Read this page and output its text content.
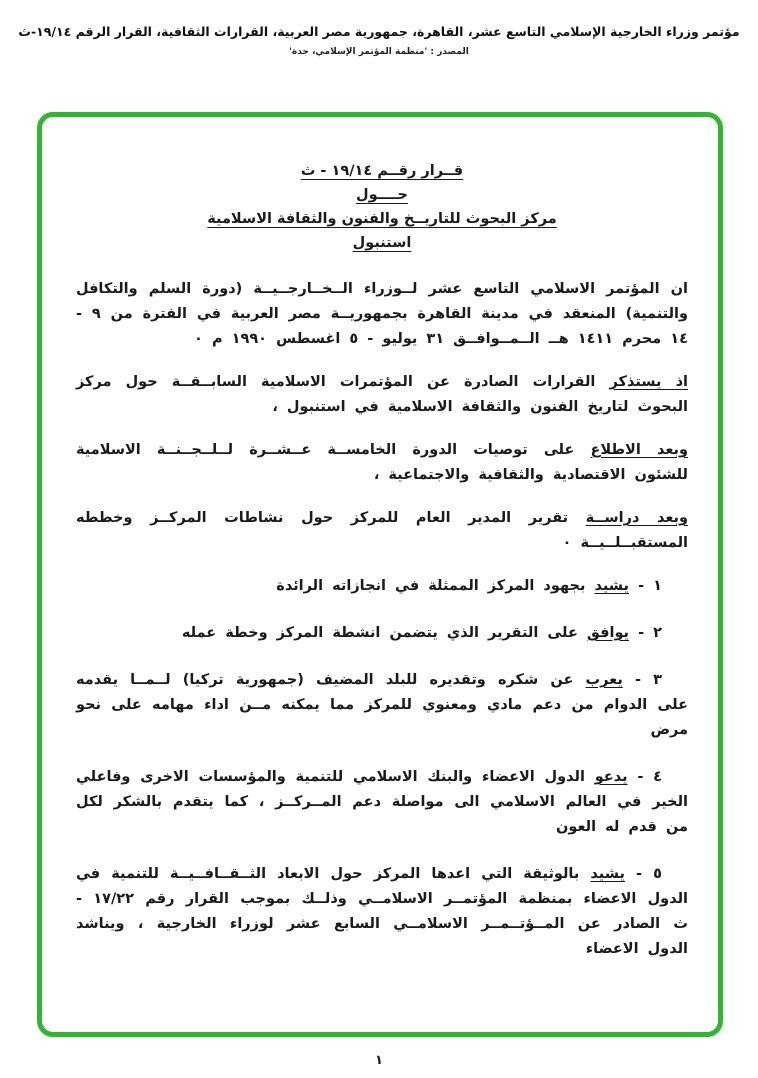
مؤتمر وزراء الخارجية الإسلامي التاسع عشر، القاهرة، جمهورية مصر العربية، القرارات الثقافية، القرار الرقم ١٩/١٤-ث
المصدر : 'منظمة المؤتمر الإسلامي، جدة'
قــرار رقــم ١٩/١٤ - ث
حــــول
مركز البحوث للتاريــخ والفنون والثقافة الاسلامية
استنبول

ان المؤتمر الاسلامي التاسع عشر لــوزراء الــخــارجــيــة (دورة السلم والتكافل والتنمية) المنعقد في مدينة القاهرة بجمهوريــة مصر العربية في الفترة من ٩ - ١٤ محرم ١٤١١ هــ الــمــوافــق ٣١ يوليو - ٥ اغسطس ١٩٩٠ م ٠

اذ يستذكر القرارات الصادرة عن المؤتمرات الاسلامية السابــقــة حول مركز البحوث لتاريخ الفنون والثقافة الاسلامية في استنبول ،

وبعد الاطلاع على توصيات الدورة الخامســة عــشــرة لــلــجــنــة الاسلامية للشئون الاقتصادية والثقافية والاجتماعية ،

وبعد دراســة تقرير المدير العام للمركز حول نشاطات المركــز وخططه المستقبــلــيــة ٠

١ - يشيد بجهود المركز الممثلة في انجازاته الرائدة

٢ - يوافق على التقرير الذي يتضمن انشطة المركز وخطة عمله

٣ - يعرب عن شكره وتقديره للبلد المضيف (جمهورية تركيا) لــمــا يقدمه على الدوام من دعم مادي ومعنوي للمركز مما يمكنه مــن اداء مهامه على نحو مرض

٤ - يدعو الدول الاعضاء والبنك الاسلامي للتنمية والمؤسسات الاخرى وفاعلي الخير في العالم الاسلامي الى مواصلة دعم المــركــز ، كما يتقدم بالشكر لكل من قدم له العون

٥ - يشيد بالوثيقة التي اعدها المركز حول الابعاد الثــقــافــيــة للتنمية في الدول الاعضاء بمنظمة المؤتمــر الاسلامــي وذلــك بموجب القرار رقم ١٧/٢٢ - ث الصادر عن المــؤتــمــر الاسلامــي السابع عشر لوزراء الخارجية ، ويناشد الدول الاعضاء

١
